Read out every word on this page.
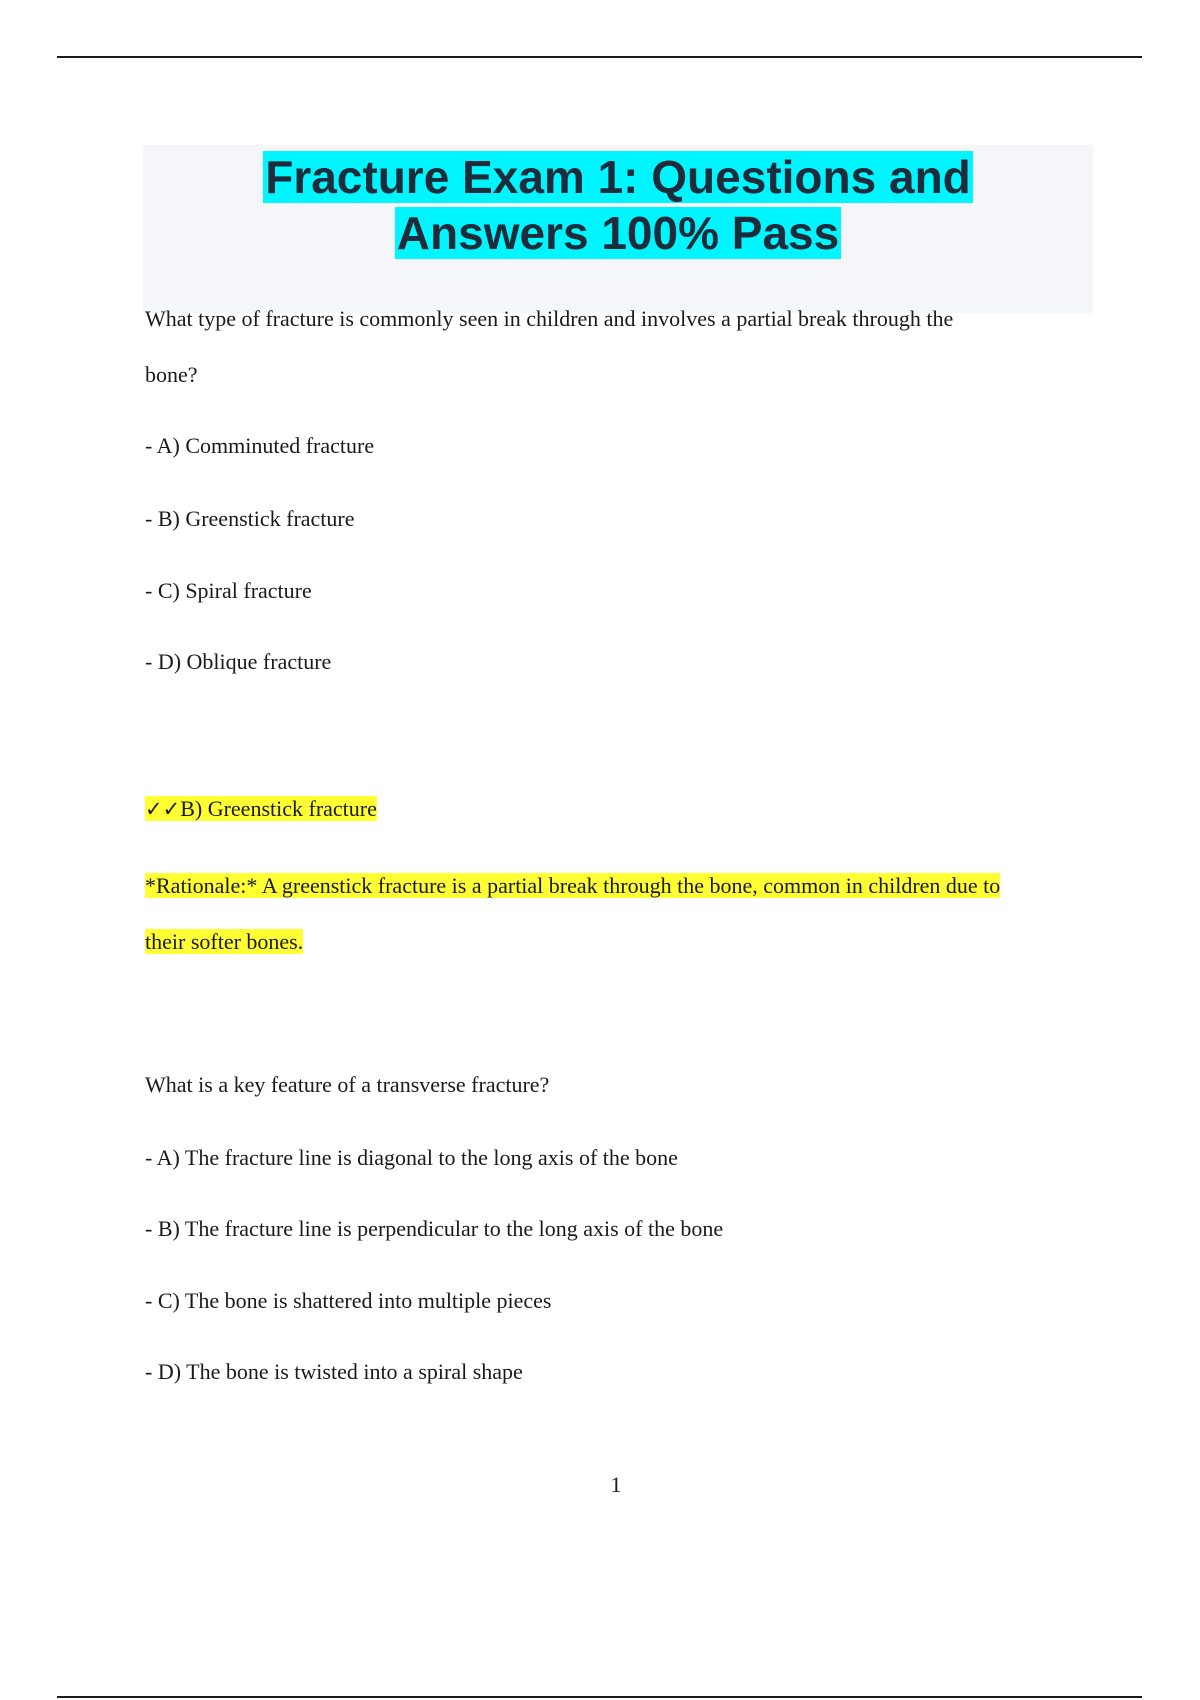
Fracture Exam 1: Questions and
Answers 100% Pass
What type of fracture is commonly seen in children and involves a partial break through the
bone?
- A) Comminuted fracture
- B) Greenstick fracture
- C) Spiral fracture
- D) Oblique fracture
✓✓B) Greenstick fracture
*Rationale:* A greenstick fracture is a partial break through the bone, common in children due to
their softer bones.
What is a key feature of a transverse fracture?
- A) The fracture line is diagonal to the long axis of the bone
- B) The fracture line is perpendicular to the long axis of the bone
- C) The bone is shattered into multiple pieces
- D) The bone is twisted into a spiral shape
1
